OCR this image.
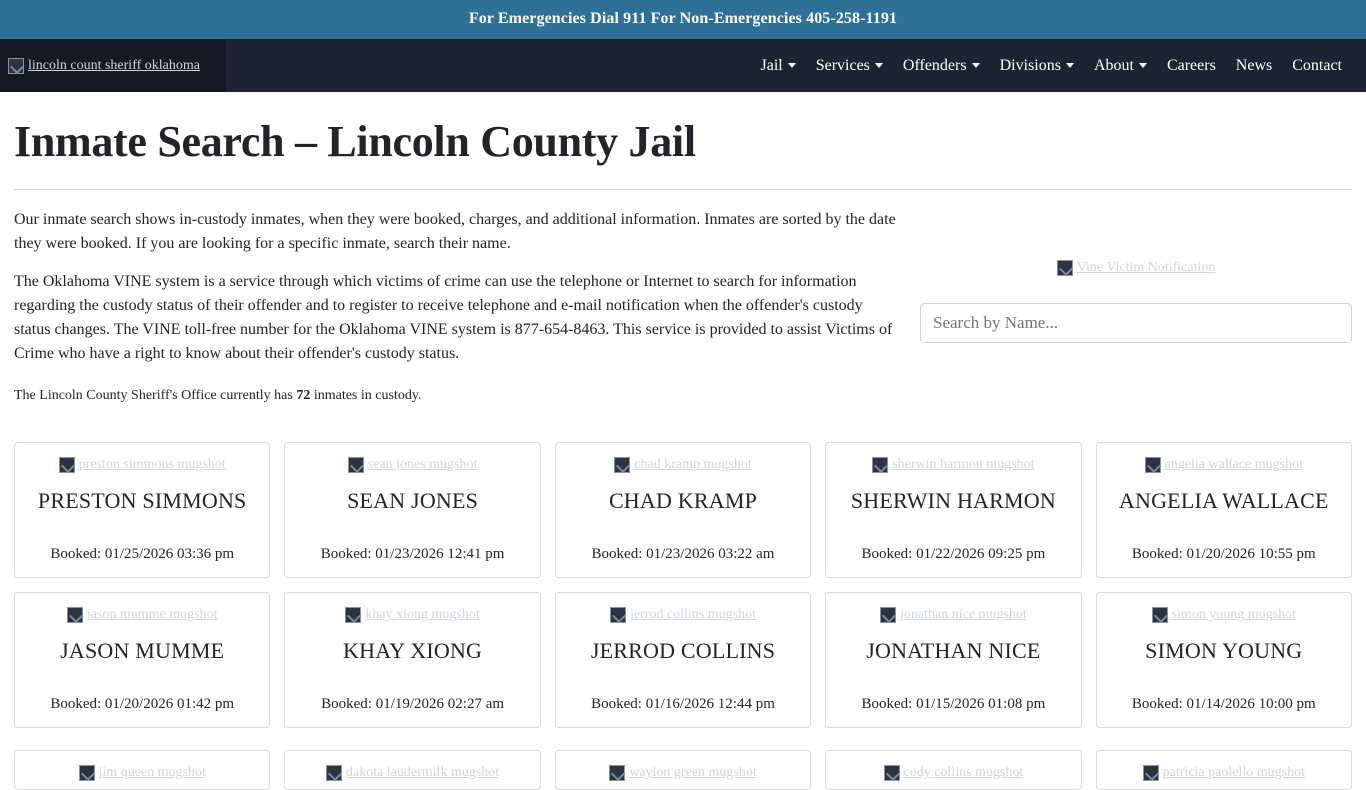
For Emergencies Dial 911 For Non-Emergencies 405-258-1191
lincoln count sheriff oklahoma	Jail	Services	Offenders	Divisions	About	Careers	News	Contact
Inmate Search – Lincoln County Jail

Our inmate search shows in-custody inmates, when they were booked, charges, and additional information. Inmates are sorted by the date they were booked. If you are looking for a specific inmate, search their name.

The Oklahoma VINE system is a service through which victims of crime can use the telephone or Internet to search for information regarding the custody status of their offender and to register to receive telephone and e-mail notification when the offender's custody status changes. The VINE toll-free number for the Oklahoma VINE system is 877-654-8463. This service is provided to assist Victims of Crime who have a right to know about their offender's custody status.

The Lincoln County Sheriff's Office currently has 72 inmates in custody.

Vine Victim Notification
Search by Name...
preston simmons mugshot
PRESTON SIMMONS
Booked: 01/25/2026 03:36 pm
sean jones mugshot
SEAN JONES
Booked: 01/23/2026 12:41 pm
chad kramp mugshot
CHAD KRAMP
Booked: 01/23/2026 03:22 am
sherwin harmon mugshot
SHERWIN HARMON
Booked: 01/22/2026 09:25 pm
angelia wallace mugshot
ANGELIA WALLACE
Booked: 01/20/2026 10:55 pm
jason mumme mugshot
JASON MUMME
Booked: 01/20/2026 01:42 pm
khay xiong mugshot
KHAY XIONG
Booked: 01/19/2026 02:27 am
jerrod collins mugshot
JERROD COLLINS
Booked: 01/16/2026 12:44 pm
jonathan nice mugshot
JONATHAN NICE
Booked: 01/15/2026 01:08 pm
simon young mugshot
SIMON YOUNG
Booked: 01/14/2026 10:00 pm
jim queen mugshot	dakota laudermilk mugshot	waylon green mugshot	cody collins mugshot	patricia paolello mugshot
